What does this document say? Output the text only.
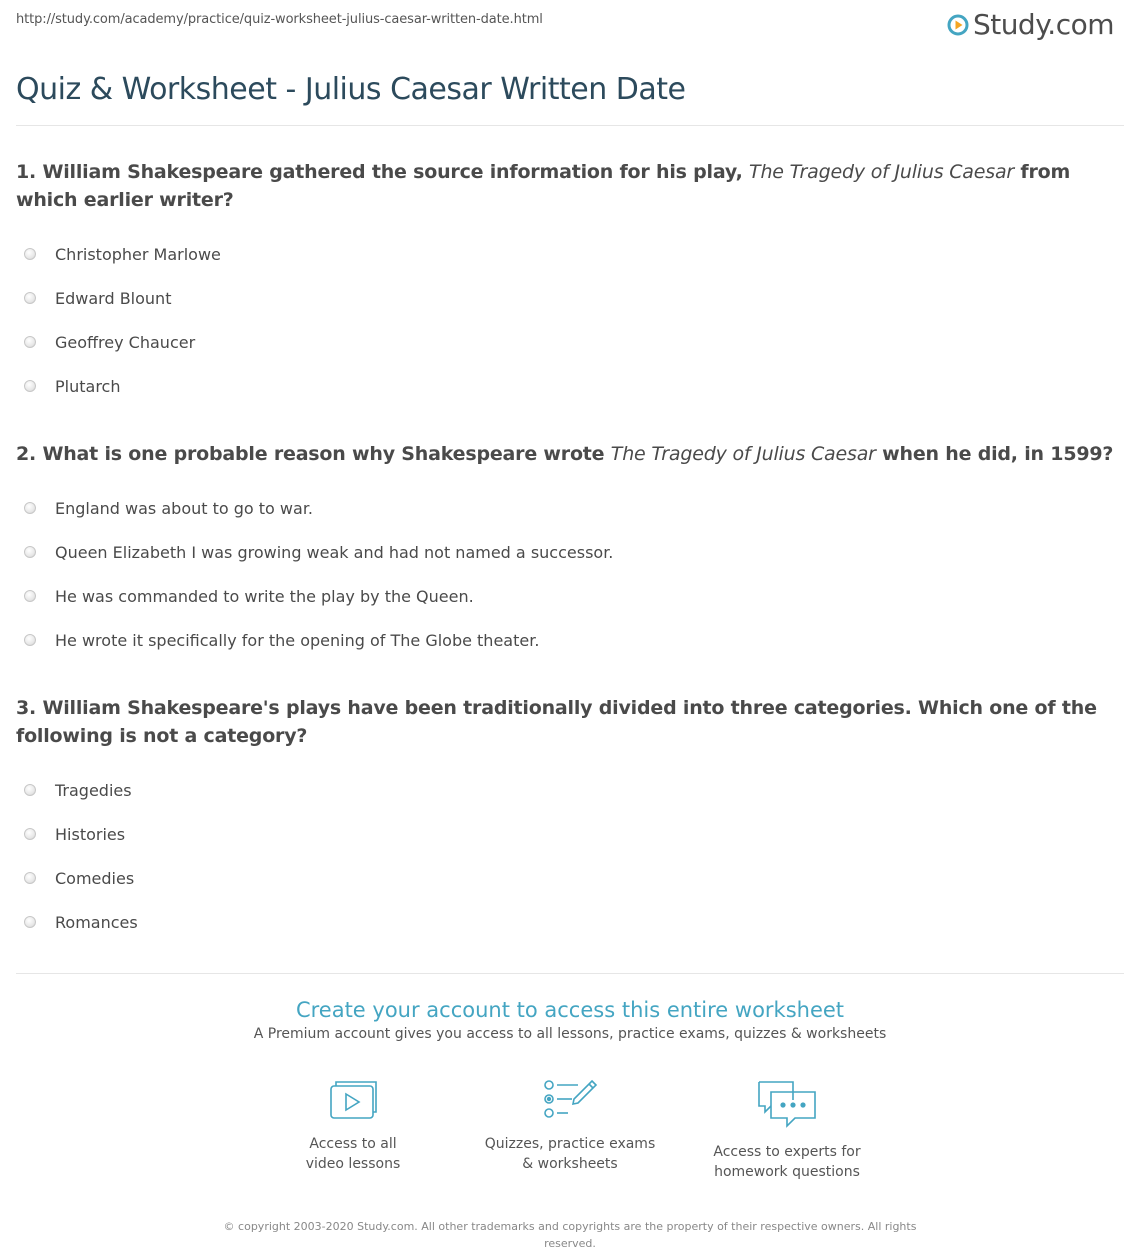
http://study.com/academy/practice/quiz-worksheet-julius-caesar-written-date.html	Study.com
Quiz & Worksheet - Julius Caesar Written Date
1. William Shakespeare gathered the source information for his play, The Tragedy of Julius Caesar from which earlier writer?
Christopher Marlowe
Edward Blount
Geoffrey Chaucer
Plutarch
2. What is one probable reason why Shakespeare wrote The Tragedy of Julius Caesar when he did, in 1599?
England was about to go to war.
Queen Elizabeth I was growing weak and had not named a successor.
He was commanded to write the play by the Queen.
He wrote it specifically for the opening of The Globe theater.
3. William Shakespeare's plays have been traditionally divided into three categories. Which one of the following is not a category?
Tragedies
Histories
Comedies
Romances
Create your account to access this entire worksheet
A Premium account gives you access to all lessons, practice exams, quizzes & worksheets
Access to all
video lessons
Quizzes, practice exams
& worksheets
Access to experts for
homework questions
© copyright 2003-2020 Study.com. All other trademarks and copyrights are the property of their respective owners. All rights reserved.
